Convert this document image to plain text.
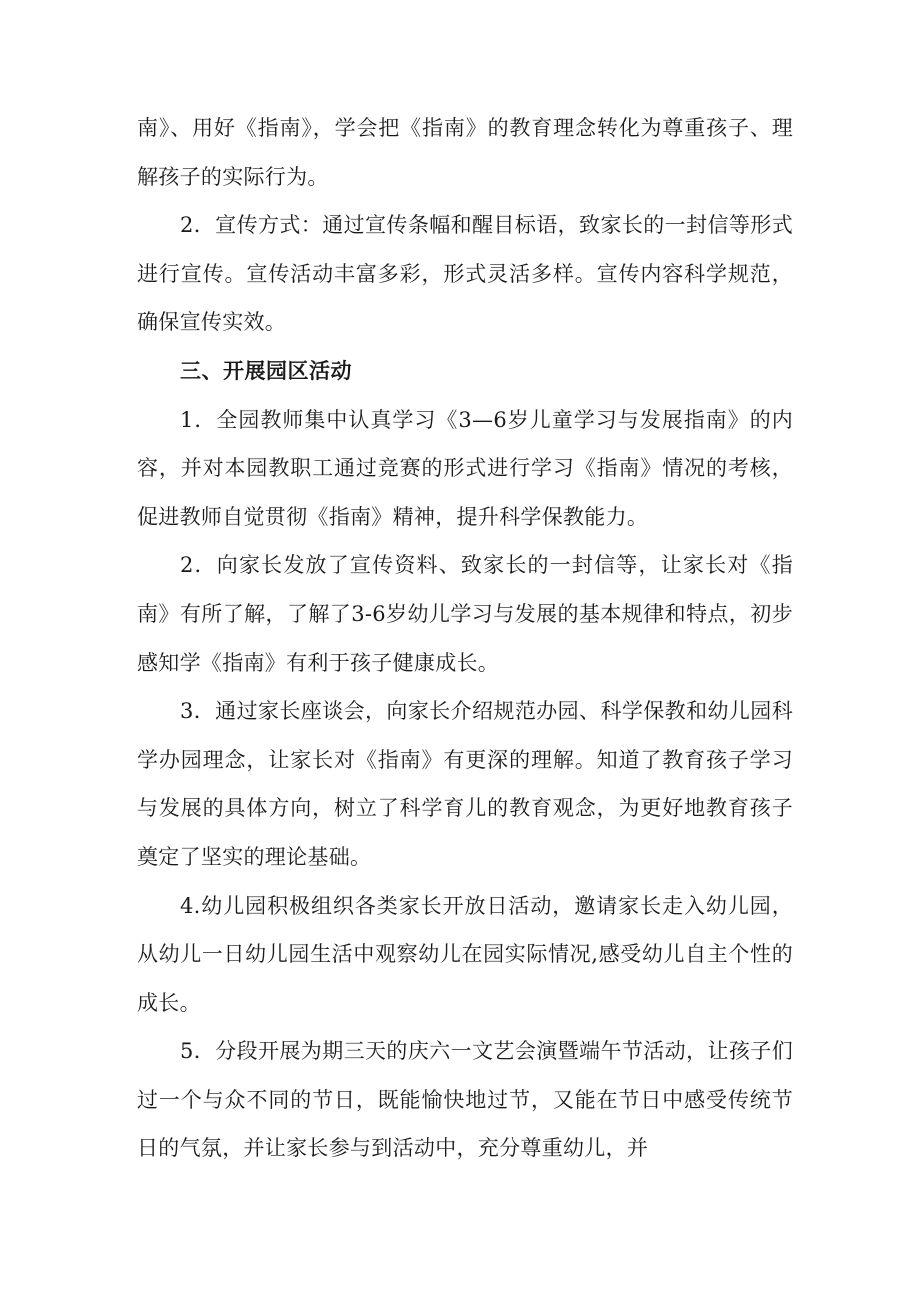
南》、用好《指南》，学会把《指南》的教育理念转化为尊重孩子、理解孩子的实际行为。

2．宣传方式：通过宣传条幅和醒目标语，致家长的一封信等形式进行宣传。宣传活动丰富多彩，形式灵活多样。宣传内容科学规范，确保宣传实效。

三、开展园区活动

1．全园教师集中认真学习《3—6岁儿童学习与发展指南》的内容，并对本园教职工通过竞赛的形式进行学习《指南》情况的考核，促进教师自觉贯彻《指南》精神，提升科学保教能力。

2．向家长发放了宣传资料、致家长的一封信等，让家长对《指南》有所了解，了解了3-6岁幼儿学习与发展的基本规律和特点，初步感知学《指南》有利于孩子健康成长。

3．通过家长座谈会，向家长介绍规范办园、科学保教和幼儿园科学办园理念，让家长对《指南》有更深的理解。知道了教育孩子学习与发展的具体方向，树立了科学育儿的教育观念，为更好地教育孩子奠定了坚实的理论基础。

4.幼儿园积极组织各类家长开放日活动，邀请家长走入幼儿园，从幼儿一日幼儿园生活中观察幼儿在园实际情况,感受幼儿自主个性的成长。

5．分段开展为期三天的庆六一文艺会演暨端午节活动，让孩子们过一个与众不同的节日，既能愉快地过节，又能在节日中感受传统节日的气氛，并让家长参与到活动中，充分尊重幼儿，并
